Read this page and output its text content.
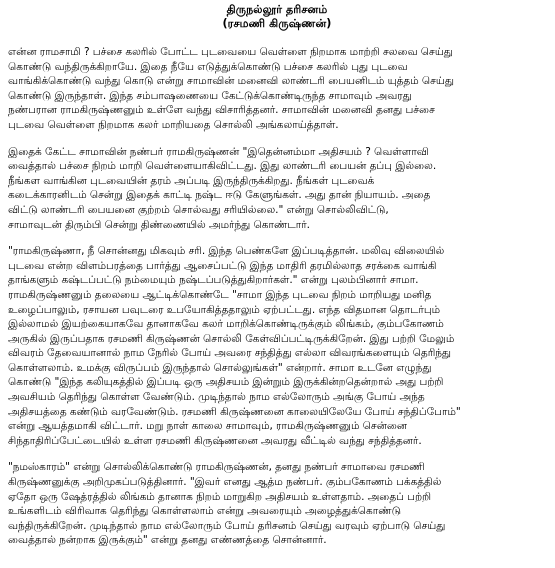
திருநல்லூர் தரிசனம்
(ரசமணி கிருஷ்ணன்)
என்ன ராமசாமி ? பச்சை கலரில் போட்ட புடவையை வெள்ளை நிறமாக மாற்றி சலவை செய்து
கொண்டு வந்திருக்கிறாயே. இதை நீயே எடுத்துக்கொண்டு பச்சை கலரில் புது புடவை
வாங்கிக்கொண்டு வந்து கொடு என்று சாமாவின் மனைவி லாண்டரி பையனிடம் யுத்தம் செய்து
கொண்டு இருந்தாள். இந்த சம்பாஷணையை கேட்டுக்கொண்டிருந்த சாமாவும் அவரது
நண்பரான ராமகிருஷ்ணனும் உள்ளே வந்து விசாரித்தனர். சாமாவின் மனைவி தனது பச்சை
புடவை வெள்ளை நிறமாக கலர் மாறியதை சொல்லி அங்கலாய்த்தாள்.
இதைக் கேட்ட சாமாவின் நண்பர் ராமகிருஷ்ணன் "இதென்னம்மா அதிசயம் ? வெள்ளாவி
வைத்தால் பச்சை நிறம் மாறி வெள்ளையாகிவிட்டது. இது லாண்டரி பையன் தப்பு இல்லை.
நீங்கள வாங்கின புடவையின் தரம் அப்படி இருந்திருக்கிறது. நீங்கள் புடவைக்
கடைக்காரனிடம் சென்று இதைக் காட்டி நஷ்ட ஈடு கேளுங்கள். அது தான் நியாயம். அதை
விட்டு லாண்டரி பையனை குற்றம் சொல்வது சரியில்லை." என்று சொல்லிவிட்டு,
சாமாவுடன் திரும்பி சென்று திண்ணையில் அமர்ந்து கொண்டார்.
"ராமகிருஷ்ணா, நீ சொன்னது மிகவும் சரி. இந்த பெண்களே இப்படித்தான். மலிவு விலையில்
புடவை என்ற விளம்பரத்தை பார்த்து ஆசைப்பட்டு இந்த மாதிரி தரமில்லாத சரக்கை வாங்கி
தாங்களும் கஷ்டப்பட்டு நம்மையும் நஷ்டப்படுத்துகிறார்கள்." என்று புலம்பினார் சாமா.
ராமகிருஷ்ணனும் தலையை ஆட்டிக்கொண்டே "சாமா இந்த புடவை நிறம் மாறியது மனித
உழைப்பாலும், ரசாயன பவுடரை உபயோகித்ததாலும் ஏற்பட்டது. எந்த விதமான தொடர்பும்
இல்லாமல் இயற்கையாகவே தானாகவே கலர் மாறிக்கொண்டிருக்கும் லிங்கம், கும்பகோணம்
அருகில் இருப்பதாக ரசமணி கிருஷ்ணன் சொல்லி கேள்விப்பட்டிருக்கிறேன். இது பற்றி மேலும்
விவரம் தேவையானால் நாம நேரில் போய் அவரை சந்தித்து எல்லா விவரங்களையும் தெரிந்து
கொள்ளலாம். உமக்கு விருப்பம் இருந்தால் சொல்லுங்கள்" என்றார். சாமா உடனே எழுந்து
கொண்டு "இந்த கலியுகத்தில் இப்படி ஒரு அதிசயம் இன்றும் இருக்கின்றதென்றால் அது பற்றி
அவசியம் தெரிந்து கொள்ள வேண்டும். முடிந்தால் நாம எல்லோரும் அங்கு போய் அந்த
அதிசயத்தை கண்டும் வரவேண்டும். ரசமணி கிருஷ்ணனை காலையிலேயே போய் சந்திப்போம்"
என்று ஆயத்தமாகி விட்டார். மறு நாள் காலை சாமாவும், ராமகிருஷ்ணனும் சென்னை
சிந்தாதிரிப்பேட்டையில் உள்ள ரசமணி கிருஷ்ணனை அவரது வீட்டில் வந்து சந்தித்தனர்.
"நமஸ்காரம்" என்று சொல்லிக்கொண்டு ராமகிருஷ்ணன், தனது நண்பர் சாமாவை ரசமணி
கிருஷ்ணனுக்கு அறிமுகப்படுத்தினார். "இவர் எனது ஆத்ம நண்பர். கும்பகோணம் பக்கத்தில்
ஏதோ ஒரு ஷேத்ரத்தில் லிங்கம் தானாக நிறம் மாறுகிற அதிசயம் உள்ளதாம். அதைப் பற்றி
உங்களிடம் விரிவாக தெரிந்து கொள்ளலாம் என்று அவரையும் அழைத்துக்கொண்டு
வந்திருக்கிறேன். முடிந்தால் நாம எல்லோரும் போய் தரிசனம் செய்து வரவும் ஏற்பாடு செய்து
வைத்தால் நன்றாக இருக்கும்" என்று தனது எண்ணத்தை சொன்னார்.
